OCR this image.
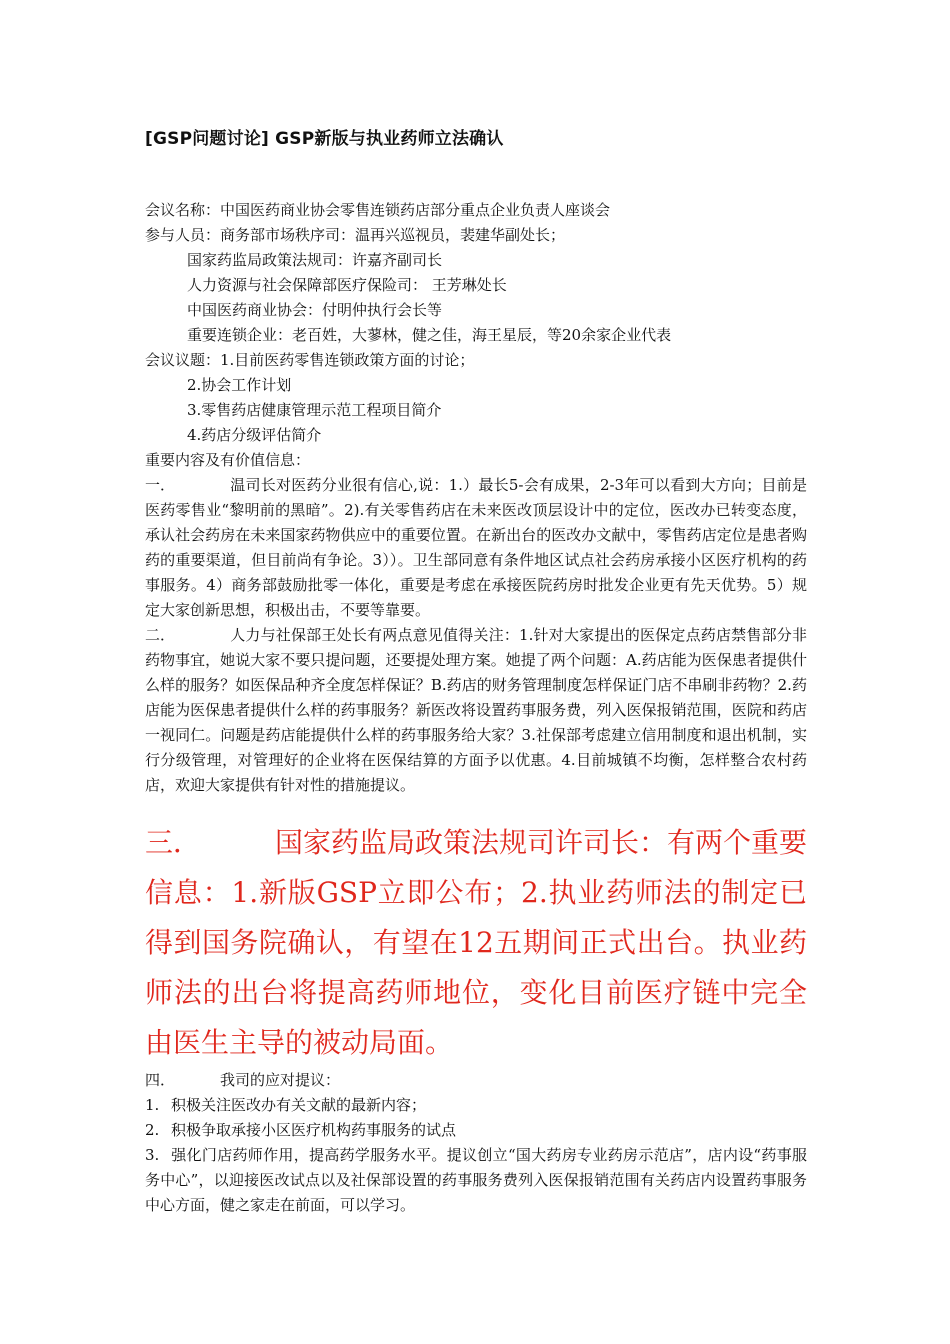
[GSP问题讨论] GSP新版与执业药师立法确认
会议名称：中国医药商业协会零售连锁药店部分重点企业负责人座谈会
参与人员：商务部市场秩序司：温再兴巡视员，裴建华副处长；
国家药监局政策法规司：许嘉齐副司长
人力资源与社会保障部医疗保险司： 王芳琳处长
中国医药商业协会：付明仲执行会长等
重要连锁企业：老百姓，大蓼林，健之佳，海王星辰，等20余家企业代表
会议议题：1.目前医药零售连锁政策方面的讨论；
2.协会工作计划
3.零售药店健康管理示范工程项目简介
4.药店分级评估简介
重要内容及有价值信息：
一．	温司长对医药分业很有信心,说：1.）最长5-会有成果，2-3年可以看到大方向；目前是医药零售业“黎明前的黑暗”。2).有关零售药店在未来医改顶层设计中的定位，医改办已转变态度，承认社会药房在未来国家药物供应中的重要位置。在新出台的医改办文献中，零售药店定位是患者购药的重要渠道，但目前尚有争论。3））。卫生部同意有条件地区试点社会药房承接小区医疗机构的药事服务。4）商务部鼓励批零一体化，重要是考虑在承接医院药房时批发企业更有先天优势。5）规定大家创新思想，积极出击，不要等靠要。
二．	人力与社保部王处长有两点意见值得关注：1.针对大家提出的医保定点药店禁售部分非药物事宜，她说大家不要只提问题，还要提处理方案。她提了两个问题：A.药店能为医保患者提供什么样的服务？如医保品种齐全度怎样保证？B.药店的财务管理制度怎样保证门店不串刷非药物？2.药店能为医保患者提供什么样的药事服务？新医改将设置药事服务费，列入医保报销范围，医院和药店一视同仁。问题是药店能提供什么样的药事服务给大家？3.社保部考虑建立信用制度和退出机制，实行分级管理，对管理好的企业将在医保结算的方面予以优惠。4.目前城镇不均衡，怎样整合农村药店，欢迎大家提供有针对性的措施提议。
三．	国家药监局政策法规司许司长：有两个重要信息：1.新版GSP立即公布；2.执业药师法的制定已得到国务院确认，有望在12五期间正式出台。执业药师法的出台将提高药师地位，变化目前医疗链中完全由医生主导的被动局面。
四．	我司的应对提议：
1. 积极关注医改办有关文献的最新内容；
2. 积极争取承接小区医疗机构药事服务的试点
3. 强化门店药师作用，提高药学服务水平。提议创立“国大药房专业药房示范店”，店内设“药事服务中心”，以迎接医改试点以及社保部设置的药事服务费列入医保报销范围有关药店内设置药事服务中心方面，健之家走在前面，可以学习。
